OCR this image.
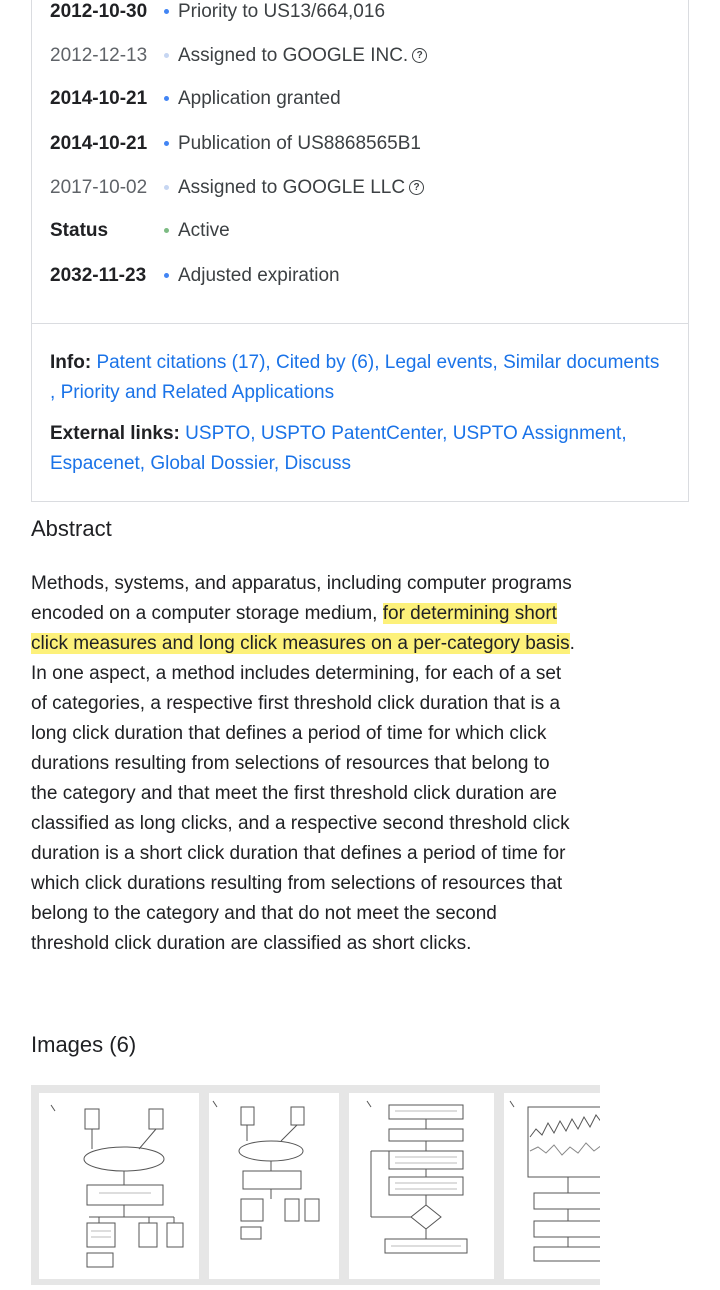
2012-10-30 Priority to US13/664,016
2012-12-13 Assigned to GOOGLE INC. ?
2014-10-21 Application granted
2014-10-21 Publication of US8868565B1
2017-10-02 Assigned to GOOGLE LLC ?
Status	Active
2032-11-23 Adjusted expiration
Info: Patent citations (17), Cited by (6), Legal events, Similar documents
, Priority and Related Applications
External links: USPTO, USPTO PatentCenter, USPTO Assignment,
Espacenet, Global Dossier, Discuss
Abstract
Methods, systems, and apparatus, including computer programs encoded on a computer storage medium, for determining short click measures and long click measures on a per-category basis. In one aspect, a method includes determining, for each of a set of categories, a respective first threshold click duration that is a long click duration that defines a period of time for which click durations resulting from selections of resources that belong to the category and that meet the first threshold click duration are classified as long clicks, and a respective second threshold click duration is a short click duration that defines a period of time for which click durations resulting from selections of resources that belong to the category and that do not meet the second threshold click duration are classified as short clicks.
Images (6)
